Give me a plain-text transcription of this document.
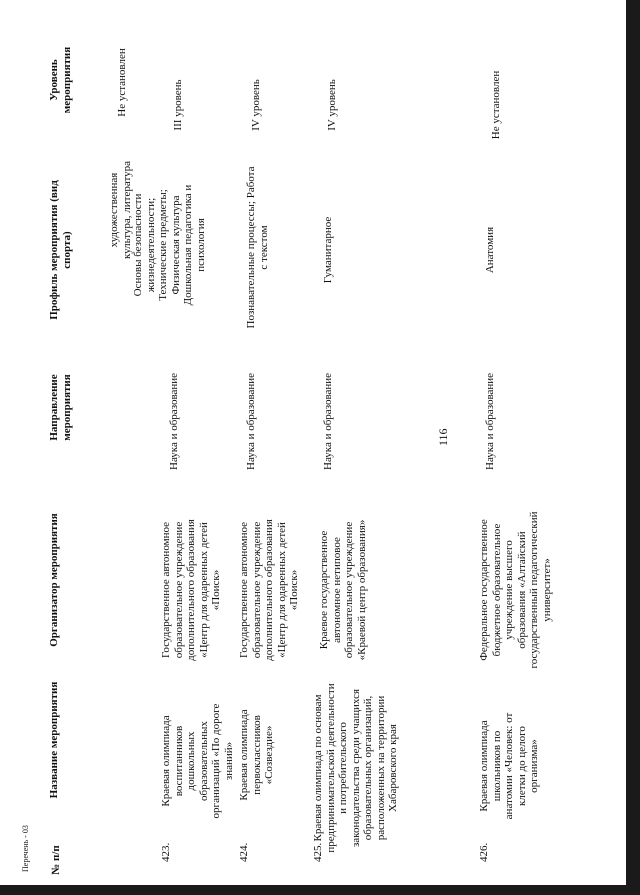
116
№ п/п
Название мероприятия
Организатор мероприятия
Направление мероприятия
Профиль мероприятия (вид спорта)
Уровень мероприятия
художественная культура, литература
Не установлен
423.
Краевая олимпиада воспитанников дошкольных образовательных организаций «По дороге знаний»
Государственное автономное образовательное учреждение дополнительного образования «Центр для одаренных детей «Поиск»
Наука и образование
Основы безопасности жизнедеятельности; Технические предметы; Физическая культура Дошкольная педагогика и психология
III уровень
424.
Краевая олимпиада первоклассников «Созвездие»
Государственное автономное образовательное учреждение дополнительного образования «Центр для одаренных детей «Поиск»
Наука и образование
Познавательные процессы; Работа с текстом
IV уровень
425.
Краевая олимпиада по основам предпринимательской деятельности и потребительского законодательства среди учащихся образовательных организаций, расположенных на территории Хабаровского края
Краевое государственное автономное нетиповое образовательное учреждение «Краевой центр образования»
Наука и образование
Гуманитарное
IV уровень
426.
Краевая олимпиада школьников по анатомии «Человек: от клетки до целого организма»
Федеральное государственное бюджетное образовательное учреждение высшего образования «Алтайский государственный педагогический университет»
Наука и образование
Анатомия
Не установлен
Перечень - 03
